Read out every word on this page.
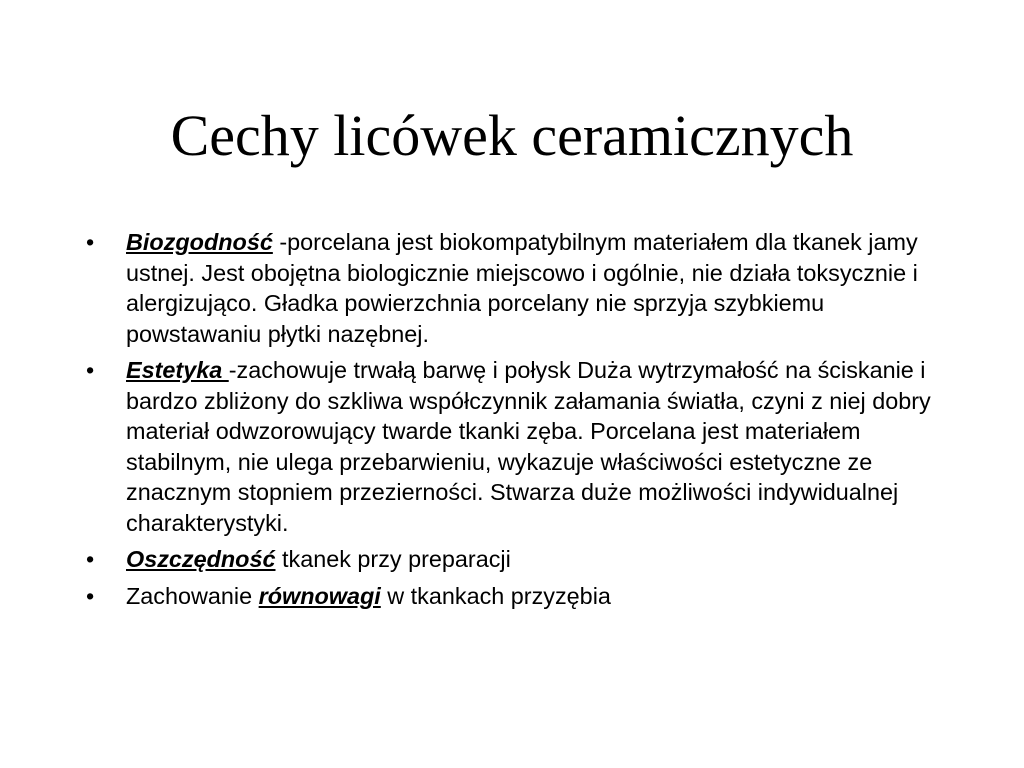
Cechy licówek ceramicznych
• Biozgodność -porcelana jest biokompatybilnym materiałem dla tkanek jamy ustnej. Jest obojętna biologicznie miejscowo i ogólnie, nie działa toksycznie i alergizująco. Gładka powierzchnia porcelany nie sprzyja szybkiemu powstawaniu płytki nazębnej.
• Estetyka -zachowuje trwałą barwę i połysk Duża wytrzymałość na ściskanie i bardzo zbliżony do szkliwa współczynnik załamania światła, czyni z niej dobry materiał odwzorowujący twarde tkanki zęba. Porcelana jest materiałem stabilnym, nie ulega przebarwieniu, wykazuje właściwości estetyczne ze znacznym stopniem przezierności. Stwarza duże możliwości indywidualnej charakterystyki.
• Oszczędność tkanek przy preparacji
• Zachowanie równowagi w tkankach przyzębia
